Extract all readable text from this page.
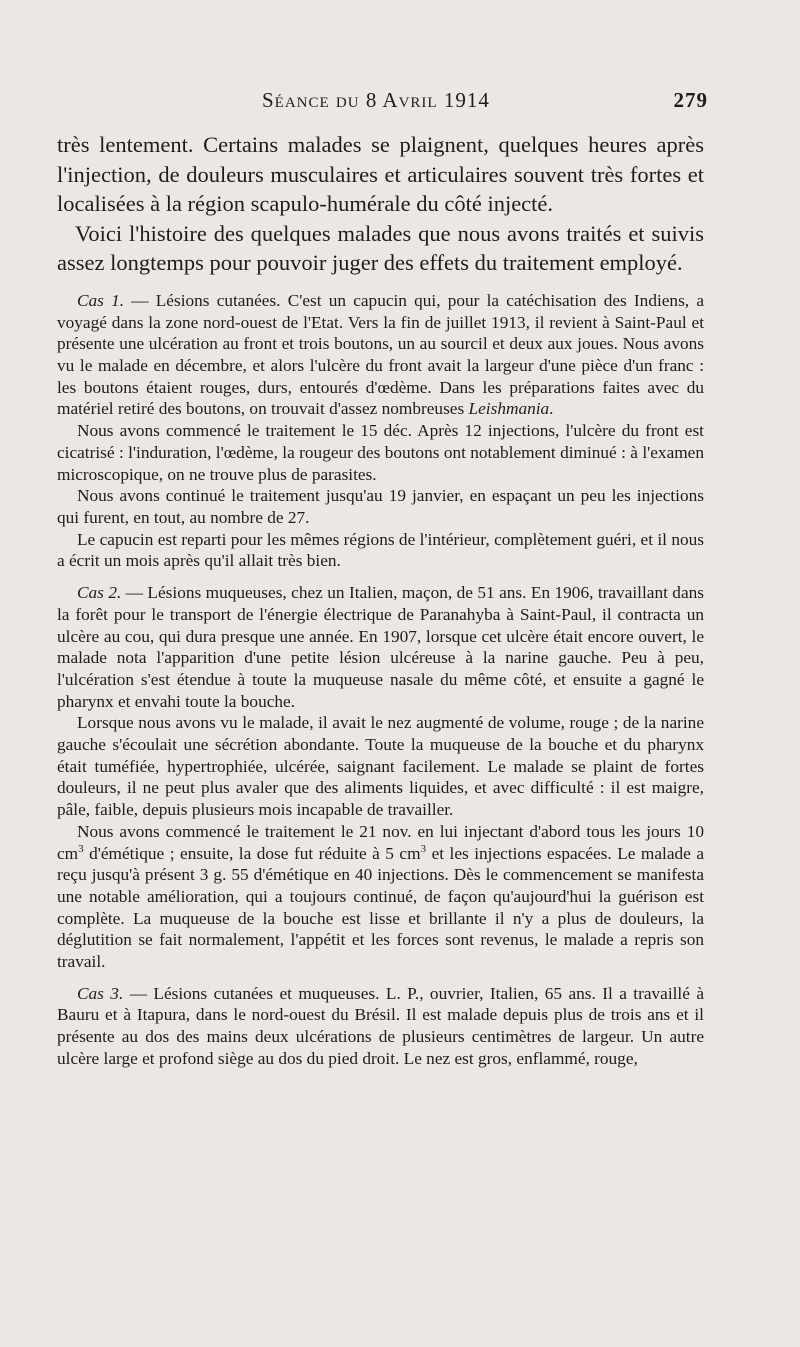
Séance du 8 Avril 1914	279

très lentement. Certains malades se plaignent, quelques heures après l'injection, de douleurs musculaires et articulaires souvent très fortes et localisées à la région scapulo-humérale du côté injecté.

Voici l'histoire des quelques malades que nous avons traités et suivis assez longtemps pour pouvoir juger des effets du traitement employé.

Cas 1. — Lésions cutanées. C'est un capucin qui, pour la catéchisation des Indiens, a voyagé dans la zone nord-ouest de l'Etat. Vers la fin de juillet 1913, il revient à Saint-Paul et présente une ulcération au front et trois boutons, un au sourcil et deux aux joues. Nous avons vu le malade en décembre, et alors l'ulcère du front avait la largeur d'une pièce d'un franc : les boutons étaient rouges, durs, entourés d'œdème. Dans les préparations faites avec du matériel retiré des boutons, on trouvait d'assez nombreuses Leishmania.

Nous avons commencé le traitement le 15 déc. Après 12 injections, l'ulcère du front est cicatrisé : l'induration, l'œdème, la rougeur des boutons ont notablement diminué : à l'examen microscopique, on ne trouve plus de parasites.

Nous avons continué le traitement jusqu'au 19 janvier, en espaçant un peu les injections qui furent, en tout, au nombre de 27.

Le capucin est reparti pour les mêmes régions de l'intérieur, complètement guéri, et il nous a écrit un mois après qu'il allait très bien.

Cas 2. — Lésions muqueuses, chez un Italien, maçon, de 51 ans. En 1906, travaillant dans la forêt pour le transport de l'énergie électrique de Paranahyba à Saint-Paul, il contracta un ulcère au cou, qui dura presque une année. En 1907, lorsque cet ulcère était encore ouvert, le malade nota l'apparition d'une petite lésion ulcéreuse à la narine gauche. Peu à peu, l'ulcération s'est étendue à toute la muqueuse nasale du même côté, et ensuite a gagné le pharynx et envahi toute la bouche.

Lorsque nous avons vu le malade, il avait le nez augmenté de volume, rouge ; de la narine gauche s'écoulait une sécrétion abondante. Toute la muqueuse de la bouche et du pharynx était tuméfiée, hypertrophiée, ulcérée, saignant facilement. Le malade se plaint de fortes douleurs, il ne peut plus avaler que des aliments liquides, et avec difficulté : il est maigre, pâle, faible, depuis plusieurs mois incapable de travailler.

Nous avons commencé le traitement le 21 nov. en lui injectant d'abord tous les jours 10 $cm^3$ d'émétique ; ensuite, la dose fut réduite à 5 $cm^3$ et les injections espacées. Le malade a reçu jusqu'à présent 3 g. 55 d'émétique en 40 injections. Dès le commencement se manifesta une notable amélioration, qui a toujours continué, de façon qu'aujourd'hui la guérison est complète. La muqueuse de la bouche est lisse et brillante il n'y a plus de douleurs, la déglutition se fait normalement, l'appétit et les forces sont revenus, le malade a repris son travail.

Cas 3. — Lésions cutanées et muqueuses. L. P., ouvrier, Italien, 65 ans. Il a travaillé à Bauru et à Itapura, dans le nord-ouest du Brésil. Il est malade depuis plus de trois ans et il présente au dos des mains deux ulcérations de plusieurs centimètres de largeur. Un autre ulcère large et profond siège au dos du pied droit. Le nez est gros, enflammé, rouge,
